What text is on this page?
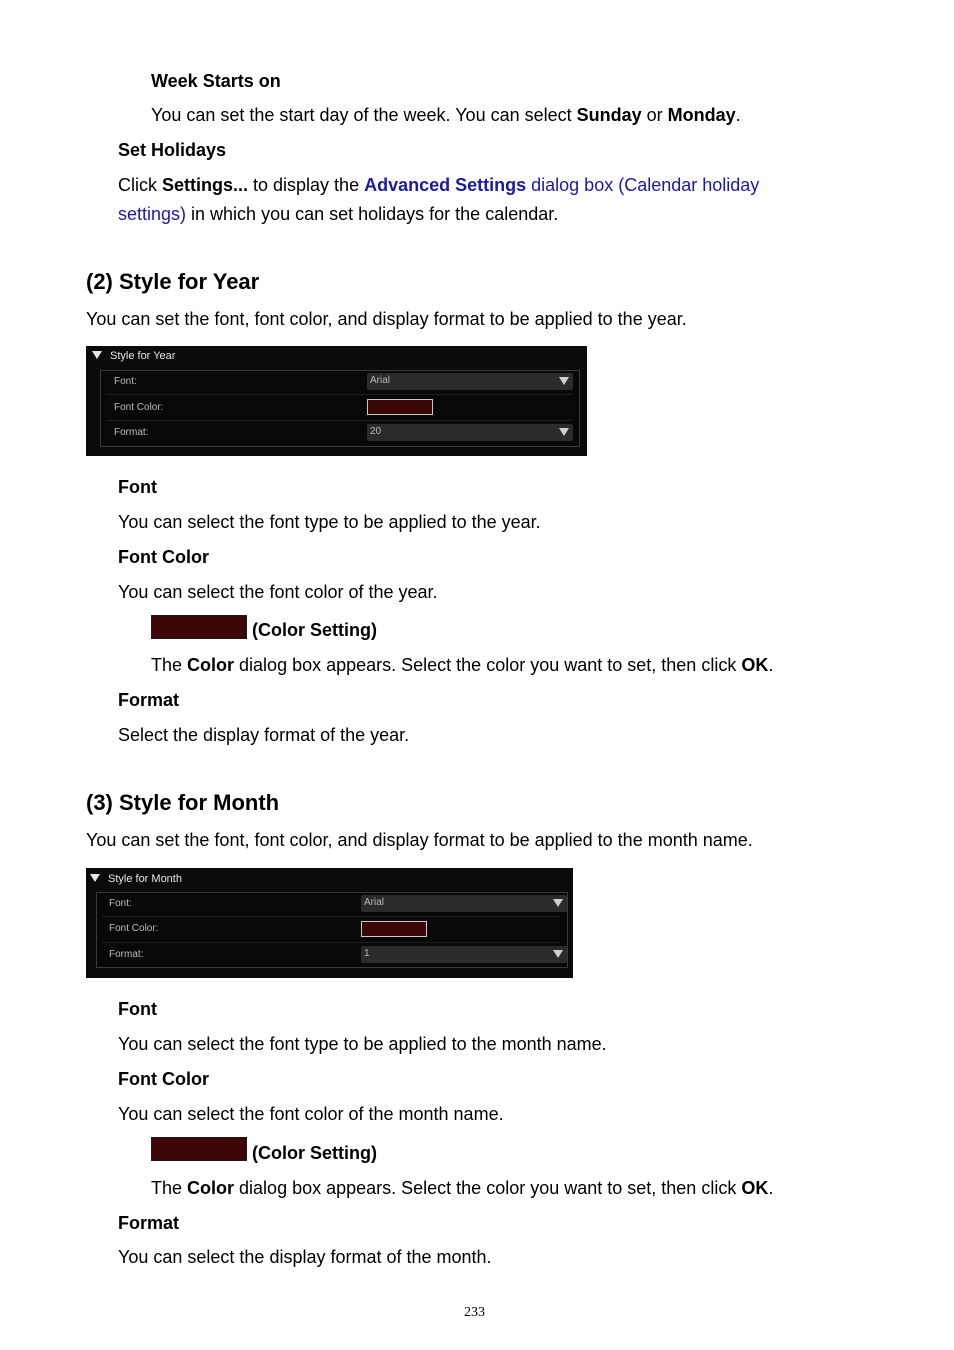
Week Starts on
You can set the start day of the week. You can select Sunday or Monday.
Set Holidays
Click Settings... to display the Advanced Settings dialog box (Calendar holiday
settings) in which you can set holidays for the calendar.
(2) Style for Year
You can set the font, font color, and display format to be applied to the year.
Style for Year
Font:	Arial
Font Color:
Format:	20
Font
You can select the font type to be applied to the year.
Font Color
You can select the font color of the year.
(Color Setting)
The Color dialog box appears. Select the color you want to set, then click OK.
Format
Select the display format of the year.
(3) Style for Month
You can set the font, font color, and display format to be applied to the month name.
Style for Month
Font:	Arial
Font Color:
Format:	1
Font
You can select the font type to be applied to the month name.
Font Color
You can select the font color of the month name.
(Color Setting)
The Color dialog box appears. Select the color you want to set, then click OK.
Format
You can select the display format of the month.
233
